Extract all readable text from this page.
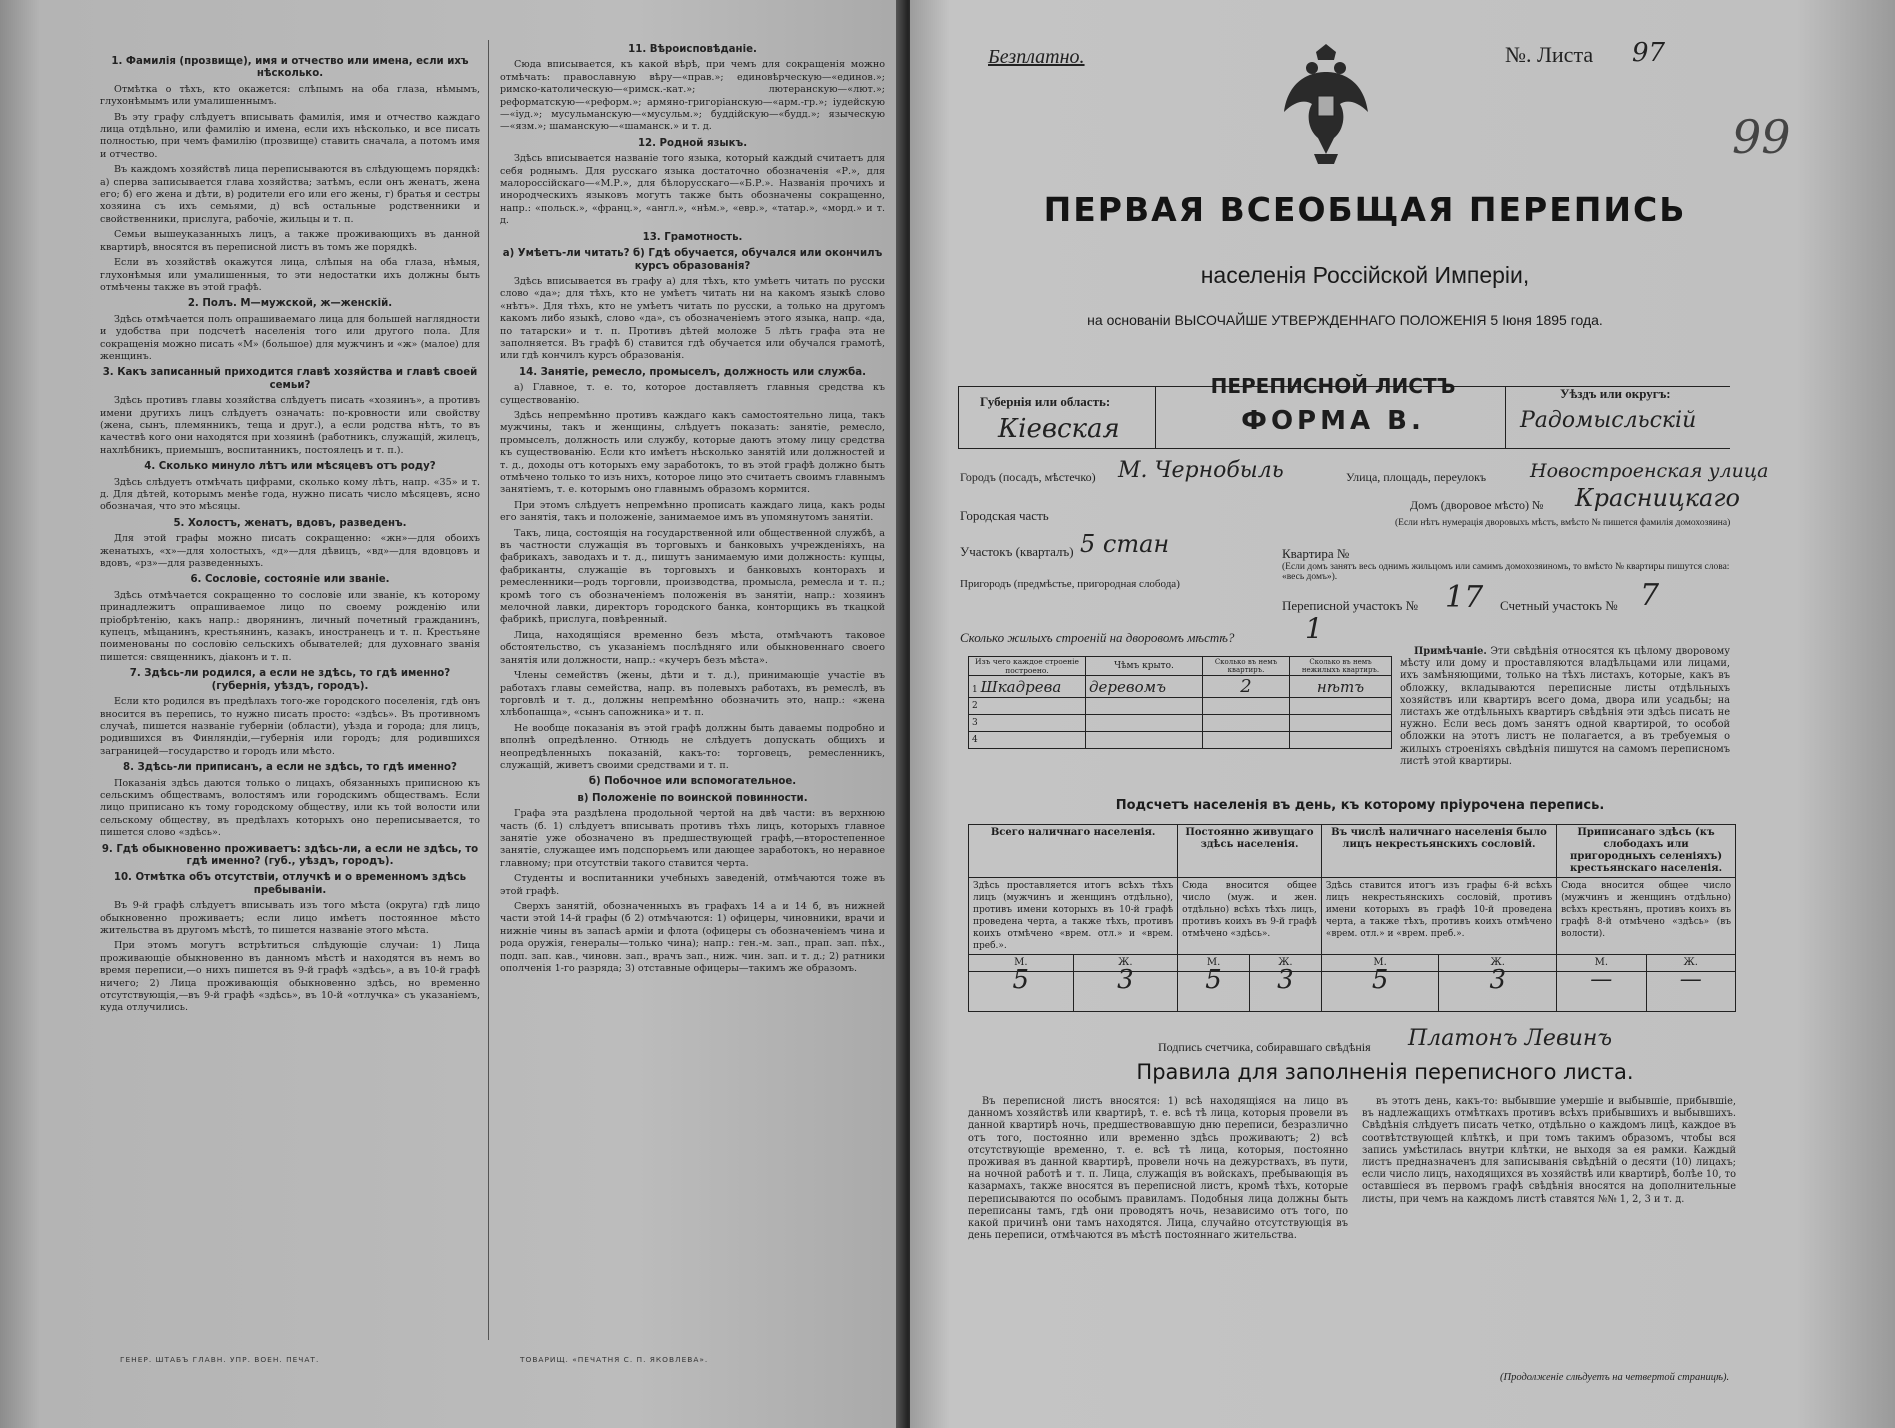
1. Фамилія (прозвище), имя и отчество или имена, если ихъ нѣсколько.

Отмѣтка о тѣхъ, кто окажется: слѣпымъ на оба глаза, нѣмымъ, глухонѣмымъ или умалишеннымъ.

Въ эту графу слѣдуетъ вписывать фамилія, имя и отчество каждаго лица отдѣльно, или фамилію и имена, если ихъ нѣсколько, и все писать полностью, при чемъ фамилію (прозвище) ставить сначала, а потомъ имя и отчество.

Въ каждомъ хозяйствѣ лица переписываются въ слѣдующемъ порядкѣ: а) сперва записывается глава хозяйства; затѣмъ, если онъ женатъ, жена его; б) его жена и дѣти, в) родители его или его жены, г) братья и сестры хозяина съ ихъ семьями, д) всѣ остальные родственники и свойственники, прислуга, рабочіе, жильцы и т. п.

Семьи вышеуказанныхъ лицъ, а также проживающихъ въ данной квартирѣ, вносятся въ переписной листъ въ томъ же порядкѣ.

Если въ хозяйствѣ окажутся лица, слѣпыя на оба глаза, нѣмыя, глухонѣмыя или умалишенныя, то эти недостатки ихъ должны быть отмѣчены также въ этой графѣ.

2. Полъ. М—мужской, ж—женскій.

Здѣсь отмѣчается полъ опрашиваемаго лица для большей наглядности и удобства при подсчетѣ населенія того или другого пола. Для сокращенія можно писать «М» (большое) для мужчинъ и «ж» (малое) для женщинъ.

3. Какъ записанный приходится главѣ хозяйства и главѣ своей семьи?

Здѣсь противъ главы хозяйства слѣдуетъ писать «хозяинъ», а противъ имени другихъ лицъ слѣдуетъ означать: по-кровности или свойству (жена, сынъ, племянникъ, теща и друг.), а если родства нѣтъ, то въ качествѣ кого они находятся при хозяинѣ (работникъ, служащій, жилецъ, нахлѣбникъ, приемышъ, воспитанникъ, постоялецъ и т. п.).

4. Сколько минуло лѣтъ или мѣсяцевъ отъ роду?

Здѣсь слѣдуетъ отмѣчать цифрами, сколько кому лѣтъ, напр. «35» и т. д. Для дѣтей, которымъ менѣе года, нужно писать число мѣсяцевъ, ясно обозначая, что это мѣсяцы.

5. Холостъ, женатъ, вдовъ, разведенъ.

Для этой графы можно писать сокращенно: «жн»—для обоихъ женатыхъ, «х»—для холостыхъ, «д»—для дѣвицъ, «вд»—для вдовцовъ и вдовъ, «рз»—для разведенныхъ.

6. Сословіе, состояніе или званіе.

Здѣсь отмѣчается сокращенно то сословіе или званіе, къ которому принадлежитъ опрашиваемое лицо по своему рожденію или пріобрѣтенію, какъ напр.: дворянинъ, личный почетный гражданинъ, купецъ, мѣщанинъ, крестьянинъ, казакъ, иностранецъ и т. п. Крестьяне поименованы по сословію сельскихъ обывателей; для духовнаго званія пишется: священникъ, діаконъ и т. п.

7. Здѣсь-ли родился, а если не здѣсь, то гдѣ именно? (губернія, уѣздъ, городъ).

Если кто родился въ предѣлахъ того-же городского поселенія, гдѣ онъ вносится въ перепись, то нужно писать просто: «здѣсь». Въ противномъ случаѣ, пишется названіе губерніи (области), уѣзда и города; для лицъ, родившихся въ Финляндіи,—губернія или городъ; для родившихся заграницей—государство и городъ или мѣсто.

8. Здѣсь-ли приписанъ, а если не здѣсь, то гдѣ именно?

Показанія здѣсь даются только о лицахъ, обязанныхъ приписною къ сельскимъ обществамъ, волостямъ или городскимъ обществамъ. Если лицо приписано къ тому городскому обществу, или къ той волости или сельскому обществу, въ предѣлахъ которыхъ оно переписывается, то пишется слово «здѣсь».

9. Гдѣ обыкновенно проживаетъ: здѣсь-ли, а если не здѣсь, то гдѣ именно? (губ., уѣздъ, городъ).
10. Отмѣтка объ отсутствіи, отлучкѣ и о временномъ здѣсь пребываніи.

Въ 9-й графѣ слѣдуетъ вписывать изъ того мѣста (округа) гдѣ лицо обыкновенно проживаетъ; если лицо имѣетъ постоянное мѣсто жительства въ другомъ мѣстѣ, то пишется названіе этого мѣста.

При этомъ могутъ встрѣтиться слѣдующіе случаи: 1) Лица проживающіе обыкновенно въ данномъ мѣстѣ и находятся въ немъ во время переписи,—о нихъ пишется въ 9-й графѣ «здѣсь», а въ 10-й графѣ ничего; 2) Лица проживающія обыкновенно здѣсь, но временно отсутствующія,—въ 9-й графѣ «здѣсь», въ 10-й «отлучка» съ указаніемъ, куда отлучились.

11. Вѣроисповѣданіе.

Сюда вписывается, къ какой вѣрѣ, при чемъ для сокращенія можно отмѣчать: православную вѣру—«прав.»; единовѣрческую—«единов.»; римско-католическую—«римск.-кат.»; лютеранскую—«лют.»; реформатскую—«реформ.»; армяно-григоріанскую—«арм.-гр.»; іудейскую—«іуд.»; мусульманскую—«мусульм.»; буддійскую—«будд.»; языческую—«язм.»; шаманскую—«шаманск.» и т. д.

12. Родной языкъ.

Здѣсь вписывается названіе того языка, который каждый считаетъ для себя роднымъ. Для русскаго языка достаточно обозначенія «Р.», для малороссійскаго—«М.Р.», для бѣлорусскаго—«Б.Р.». Названія прочихъ и инородческихъ языковъ могутъ также быть обозначены сокращенно, напр.: «польск.», «франц.», «англ.», «нѣм.», «евр.», «татар.», «морд.» и т. д.

13. Грамотность.
а) Умѣетъ-ли читать? б) Гдѣ обучается, обучался или окончилъ курсъ образованія?

Здѣсь вписывается въ графу а) для тѣхъ, кто умѣетъ читать по русски слово «да»; для тѣхъ, кто не умѣетъ читать ни на какомъ языкѣ слово «нѣтъ». Для тѣхъ, кто не умѣетъ читать по русски, а только на другомъ какомъ либо языкѣ, слово «да», съ обозначеніемъ этого языка, напр. «да, по татарски» и т. п. Противъ дѣтей моложе 5 лѣтъ графа эта не заполняется. Въ графѣ б) ставится гдѣ обучается или обучался грамотѣ, или гдѣ кончилъ курсъ образованія.

14. Занятіе, ремесло, промыселъ, должность или служба.

а) Главное, т. е. то, которое доставляетъ главныя средства къ существованію.

Здѣсь непремѣнно противъ каждаго какъ самостоятельно лица, такъ мужчины, такъ и женщины, слѣдуетъ показать: занятіе, ремесло, промыселъ, должность или службу, которые даютъ этому лицу средства къ существованію. Если кто имѣетъ нѣсколько занятій или должностей и т. д., доходы отъ которыхъ ему заработокъ, то въ этой графѣ должно быть отмѣчено только то изъ нихъ, которое лицо это считаетъ своимъ главнымъ занятіемъ, т. е. которымъ оно главнымъ образомъ кормится.

При этомъ слѣдуетъ непремѣнно прописать каждаго лица, какъ роды его занятія, такъ и положеніе, занимаемое имъ въ упомянутомъ занятіи.

Такъ, лица, состоящія на государственной или общественной службѣ, а въ частности служащія въ торговыхъ и банковыхъ учрежденіяхъ, на фабрикахъ, заводахъ и т. д., пишутъ занимаемую ими должность: купцы, фабриканты, служащіе въ торговыхъ и банковыхъ конторахъ и ремесленники—родъ торговли, производства, промысла, ремесла и т. п.; кромѣ того съ обозначеніемъ положенія въ занятіи, напр.: хозяинъ мелочной лавки, директоръ городского банка, конторщикъ въ ткацкой фабрикѣ, прислуга, повѣренный.

Лица, находящіяся временно безъ мѣста, отмѣчаютъ таковое обстоятельство, съ указаніемъ послѣдняго или обыкновеннаго своего занятія или должности, напр.: «кучеръ безъ мѣста».

Члены семействъ (жены, дѣти и т. д.), принимающіе участіе въ работахъ главы семейства, напр. въ полевыхъ работахъ, въ ремеслѣ, въ торговлѣ и т. д., должны непремѣнно обозначить это, напр.: «жена хлѣбопашца», «сынъ сапожника» и т. п.

Не вообще показанія въ этой графѣ должны быть даваемы подробно и вполнѣ опредѣленно. Отнюдь не слѣдуетъ допускать общихъ и неопредѣленныхъ показаній, какъ-то: торговецъ, ремесленникъ, служащій, живетъ своими средствами и т. п.

б) Побочное или вспомогательное.
в) Положеніе по воинской повинности.

Графа эта раздѣлена продольной чертой на двѣ части: въ верхнюю часть (б. 1) слѣдуетъ вписывать противъ тѣхъ лицъ, которыхъ главное занятіе уже обозначено въ предшествующей графѣ,—второстепенное занятіе, служащее имъ подспорьемъ или дающее заработокъ, но неравное главному; при отсутствіи такого ставится черта.

Студенты и воспитанники учебныхъ заведеній, отмѣчаются тоже въ этой графѣ.

Сверхъ занятій, обозначенныхъ въ графахъ 14 а и 14 б, въ нижней части этой 14-й графы (б 2) отмѣчаются: 1) офицеры, чиновники, врачи и нижніе чины въ запасѣ арміи и флота (офицеры съ обозначеніемъ чина и рода оружія, генералы—только чина); напр.: ген.-м. зап., прап. зап. пѣх., подп. зап. кав., чиновн. зап., врачъ зап., ниж. чин. зап. и т. д.; 2) ратники ополченія 1-го разряда; 3) отставные офицеры—такимъ же образомъ.

ГЕНЕР. ШТАБЪ ГЛАВН. УПР. ВОЕН. ПЕЧАТ.	ТОВАРИЩ. «ПЕЧАТНЯ С. П. ЯКОВЛЕВА».
Безплатно.	№. Листа 97
99
ПЕРВАЯ ВСЕОБЩАЯ ПЕРЕПИСЬ
населенія Россійской Имперіи,
на основаніи ВЫСОЧАЙШЕ УТВЕРЖДЕННАГО ПОЛОЖЕНІЯ 5 Іюня 1895 года.
Губернія или область:
Кіевская
ПЕРЕПИСНОЙ ЛИСТЪ
ФОРМА В.
Уѣздъ или округъ:
Радомысльскій
Городъ (посадъ, мѣстечко) М. Чернобыль	Улица, площадь, переулокъ Новостроенская улица
Домъ (дворовое мѣсто) № Красницкаго
(Если нѣтъ нумерація дворовыхъ мѣстъ, вмѣсто № пишется фамилія домохозяина)
Городская часть
Участокъ (кварталъ) 5 стан
Пригородъ (предмѣстье, пригородная слобода)
Квартира №
(Если домъ занятъ весь однимъ жильцомъ или самимъ домохозяиномъ, то вмѣсто № квартиры пишутся слова: «весь домъ»).
Переписной участокъ № 17 Счетный участокъ № 7
Сколько жилыхъ строеній на дворовомъ мѣстѣ?	1
Изъ чего каждое строеніе построено.	Чѣмъ крыто.	Сколько въ немъ квартиръ.	Сколько въ немъ нежилыхъ квартиръ.
1 Шкадрева	деревомъ	2	нѣтъ
2			
3			
4			

Примѣчаніе. Эти свѣдѣнія относятся къ цѣлому дворовому мѣсту или дому и проставляются владѣльцами или лицами, ихъ замѣняющими, только на тѣхъ листахъ, которые, какъ въ обложку, вкладываются переписные листы отдѣльныхъ хозяйствъ или квартиръ всего дома, двора или усадьбы; на листахъ же отдѣльныхъ квартиръ свѣдѣнія эти здѣсь писать не нужно. Если весь домъ занятъ одной квартирой, то особой обложки на этотъ листъ не полагается, а въ требуемыя о жилыхъ строеніяхъ свѣдѣнія пишутся на самомъ переписномъ листѣ этой квартиры.

Подсчетъ населенія въ день, къ которому пріурочена перепись.
Всего наличнаго населенія.		Постоянно живущаго здѣсь населенія.		Въ числѣ наличнаго населенія было лицъ некрестьянскихъ сословій.		Приписанаго здѣсь (къ слободахъ или пригородныхъ селеніяхъ) крестьянскаго населенія.	
Здѣсь проставляется итогъ всѣхъ тѣхъ лицъ (мужчинъ и женщинъ отдѣльно), противъ имени которыхъ въ 10-й графѣ проведена черта, а также тѣхъ, противъ коихъ отмѣчено «врем. отл.» и «врем. преб.».		Сюда вносится общее число (муж. и жен. отдѣльно) всѣхъ тѣхъ лицъ, противъ коихъ въ 9-й графѣ отмѣчено «здѣсь».		Здѣсь ставится итогъ изъ графы 6-й всѣхъ лицъ некрестьянскихъ сословій, противъ имени которыхъ въ графѣ 10-й проведена черта, а также тѣхъ, противъ коихъ отмѣчено «врем. отл.» и «врем. преб.».		Сюда вносится общее число (мужчинъ и женщинъ отдѣльно) всѣхъ крестьянъ, противъ коихъ въ графѣ 8-й отмѣчено «здѣсь» (въ волости).	
М.	Ж.	М.	Ж.	М.	Ж.	М.	Ж.
5	3	5	3	5	3	—	—
Подпись счетчика, собиравшаго свѣдѣнія Платонъ Левинъ
Правила для заполненія переписного листа.

Въ переписной листъ вносятся: 1) всѣ находящіяся на лицо въ данномъ хозяйствѣ или квартирѣ, т. е. всѣ тѣ лица, которыя провели въ данной квартирѣ ночь, предшествовавшую дню переписи, безразлично отъ того, постоянно или временно здѣсь проживаютъ; 2) всѣ отсутствующіе временно, т. е. всѣ тѣ лица, которыя, постоянно проживая въ данной квартирѣ, провели ночь на дежурствахъ, въ пути, на ночной работѣ и т. п. Лица, служащія въ войскахъ, пребывающія въ казармахъ, также вносятся въ переписной листъ, кромѣ тѣхъ, которые переписываются по особымъ правиламъ. Подобныя лица должны быть переписаны тамъ, гдѣ они проводятъ ночь, независимо отъ того, по какой причинѣ они тамъ находятся. Лица, случайно отсутствующія въ день переписи, отмѣчаются въ мѣстѣ постояннаго жительства.

въ этотъ день, какъ-то: выбывшие умершіе и выбывшіе, прибывшіе, въ надлежащихъ отмѣткахъ противъ всѣхъ прибывшихъ и выбывшихъ. Свѣдѣнія слѣдуетъ писать четко, отдѣльно о каждомъ лицѣ, каждое въ соотвѣтствующей клѣткѣ, и при томъ такимъ образомъ, чтобы вся запись умѣстилась внутри клѣтки, не выходя за ея рамки. Каждый листъ предназначенъ для записыванія свѣдѣній о десяти (10) лицахъ; если число лицъ, находящихся въ хозяйствѣ или квартирѣ, болѣе 10, то оставшіеся въ первомъ графѣ свѣдѣнія вносятся на дополнительные листы, при чемъ на каждомъ листѣ ставятся №№ 1, 2, 3 и т. д.

(Продолженіе слѣдуетъ на четвертой страницѣ).
